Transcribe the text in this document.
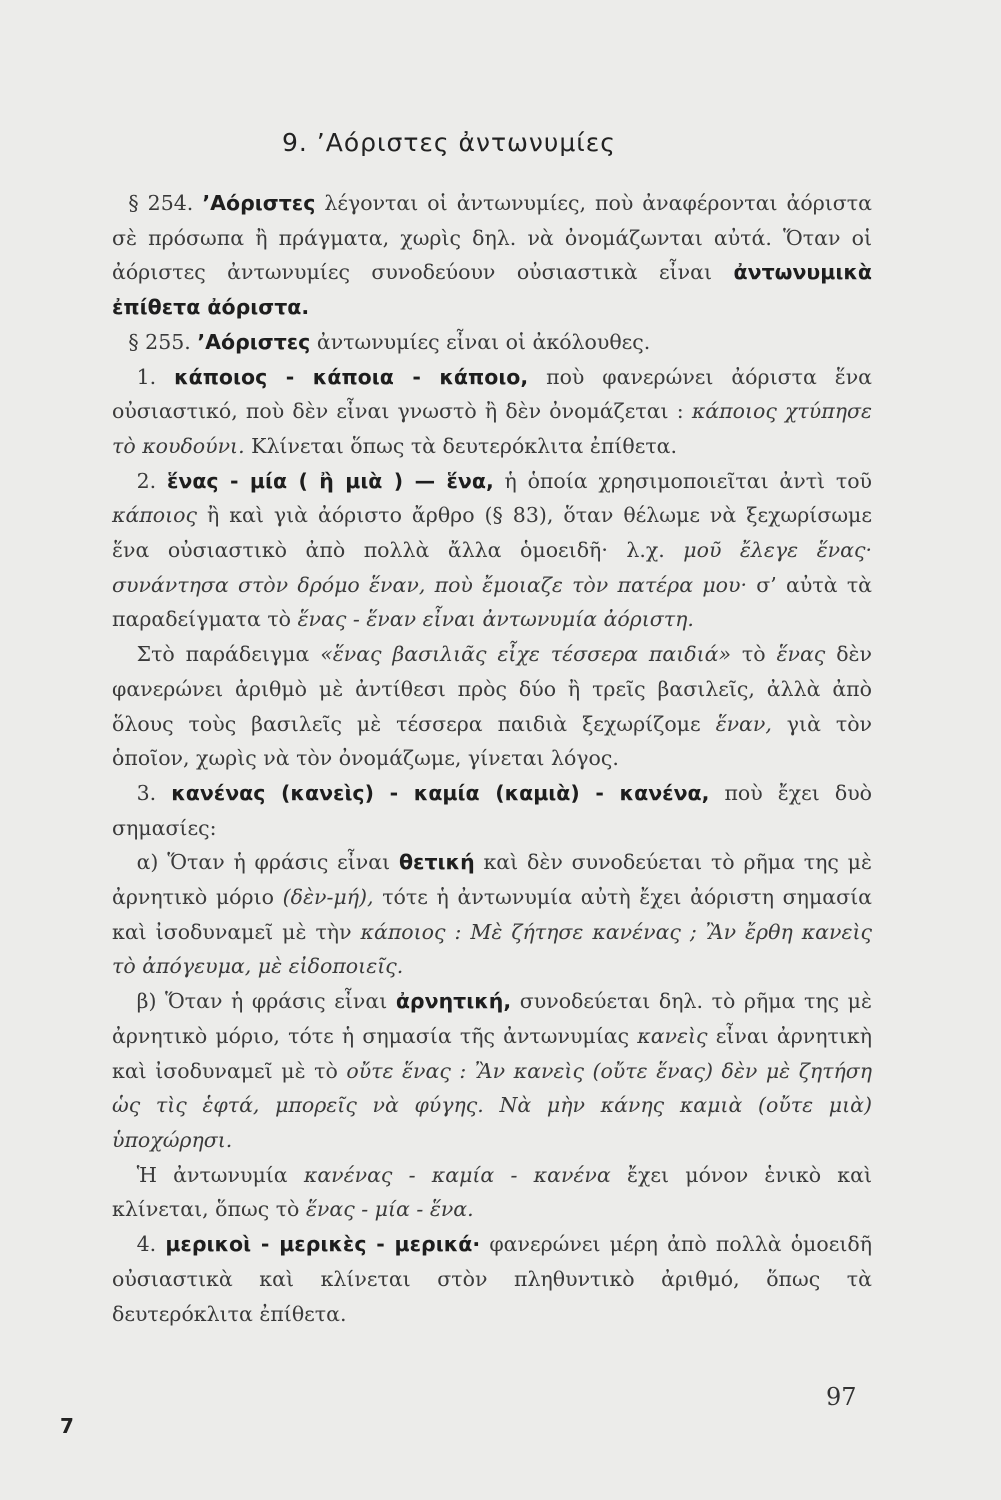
9. ’Αόριστες ἀντωνυμίες

§ 254. ’Αόριστες λέγονται οἱ ἀντωνυμίες, ποὺ ἀναφέρονται ἀόριστα σὲ πρόσωπα ἢ πράγματα, χωρὶς δηλ. νὰ ὀνομάζωνται αὐτά. Ὅταν οἱ ἀόριστες ἀντωνυμίες συνοδεύουν οὐσιαστικὰ εἶναι ἀντωνυμικὰ ἐπίθετα ἀόριστα.

§ 255. ’Αόριστες ἀντωνυμίες εἶναι οἱ ἀκόλουθες.

1. κάποιος - κάποια - κάποιο, ποὺ φανερώνει ἀόριστα ἕνα οὐσιαστικό, ποὺ δὲν εἶναι γνωστὸ ἢ δὲν ὀνομάζεται : κάποιος χτύπησε τὸ κουδούνι. Κλίνεται ὅπως τὰ δευτερόκλιτα ἐπίθετα.

2. ἕνας - μία ( ἢ μιὰ ) — ἕνα, ἡ ὁποία χρησιμοποιεῖται ἀντὶ τοῦ κάποιος ἢ καὶ γιὰ ἀόριστο ἄρθρο (§ 83), ὅταν θέλωμε νὰ ξεχωρίσωμε ἕνα οὐσιαστικὸ ἀπὸ πολλὰ ἄλλα ὁμοειδῆ· λ.χ. μοῦ ἔλεγε ἕνας· συνάντησα στὸν δρόμο ἕναν, ποὺ ἔμοιαζε τὸν πατέρα μου· σ’ αὐτὰ τὰ παραδείγματα τὸ ἕνας - ἕναν εἶναι ἀντωνυμία ἀόριστη.

Στὸ παράδειγμα «ἕνας βασιλιᾶς εἶχε τέσσερα παιδιά» τὸ ἕνας δὲν φανερώνει ἀριθμὸ μὲ ἀντίθεσι πρὸς δύο ἢ τρεῖς βασιλεῖς, ἀλλὰ ἀπὸ ὅλους τοὺς βασιλεῖς μὲ τέσσερα παιδιὰ ξεχωρίζομε ἕναν, γιὰ τὸν ὁποῖον, χωρὶς νὰ τὸν ὀνομάζωμε, γίνεται λόγος.

3. κανένας (κανεὶς) - καμία (καμιὰ) - κανένα, ποὺ ἔχει δυὸ σημασίες:

α) Ὅταν ἡ φράσις εἶναι θετική καὶ δὲν συνοδεύεται τὸ ρῆμα της μὲ ἀρνητικὸ μόριο (δὲν-μή), τότε ἡ ἀντωνυμία αὐτὴ ἔχει ἀόριστη σημασία καὶ ἰσοδυναμεῖ μὲ τὴν κάποιος : Μὲ ζήτησε κανένας ; Ἂν ἔρθη κανεὶς τὸ ἀπόγευμα, μὲ εἰδοποιεῖς.

β) Ὅταν ἡ φράσις εἶναι ἀρνητική, συνοδεύεται δηλ. τὸ ρῆμα της μὲ ἀρνητικὸ μόριο, τότε ἡ σημασία τῆς ἀντωνυμίας κανεὶς εἶναι ἀρνητικὴ καὶ ἰσοδυναμεῖ μὲ τὸ οὔτε ἕνας : Ἂν κανεὶς (οὔτε ἕνας) δὲν μὲ ζητήση ὡς τὶς ἑφτά, μπορεῖς νὰ φύγης. Νὰ μὴν κάνης καμιὰ (οὔτε μιὰ) ὑποχώρησι.

Ἡ ἀντωνυμία κανένας - καμία - κανένα ἔχει μόνον ἑνικὸ καὶ κλίνεται, ὅπως τὸ ἕνας - μία - ἕνα.

4. μερικοὶ - μερικὲς - μερικά· φανερώνει μέρη ἀπὸ πολλὰ ὁμοειδῆ οὐσιαστικὰ καὶ κλίνεται στὸν πληθυντικὸ ἀριθμό, ὅπως τὰ δευτερόκλιτα ἐπίθετα.

97
7
